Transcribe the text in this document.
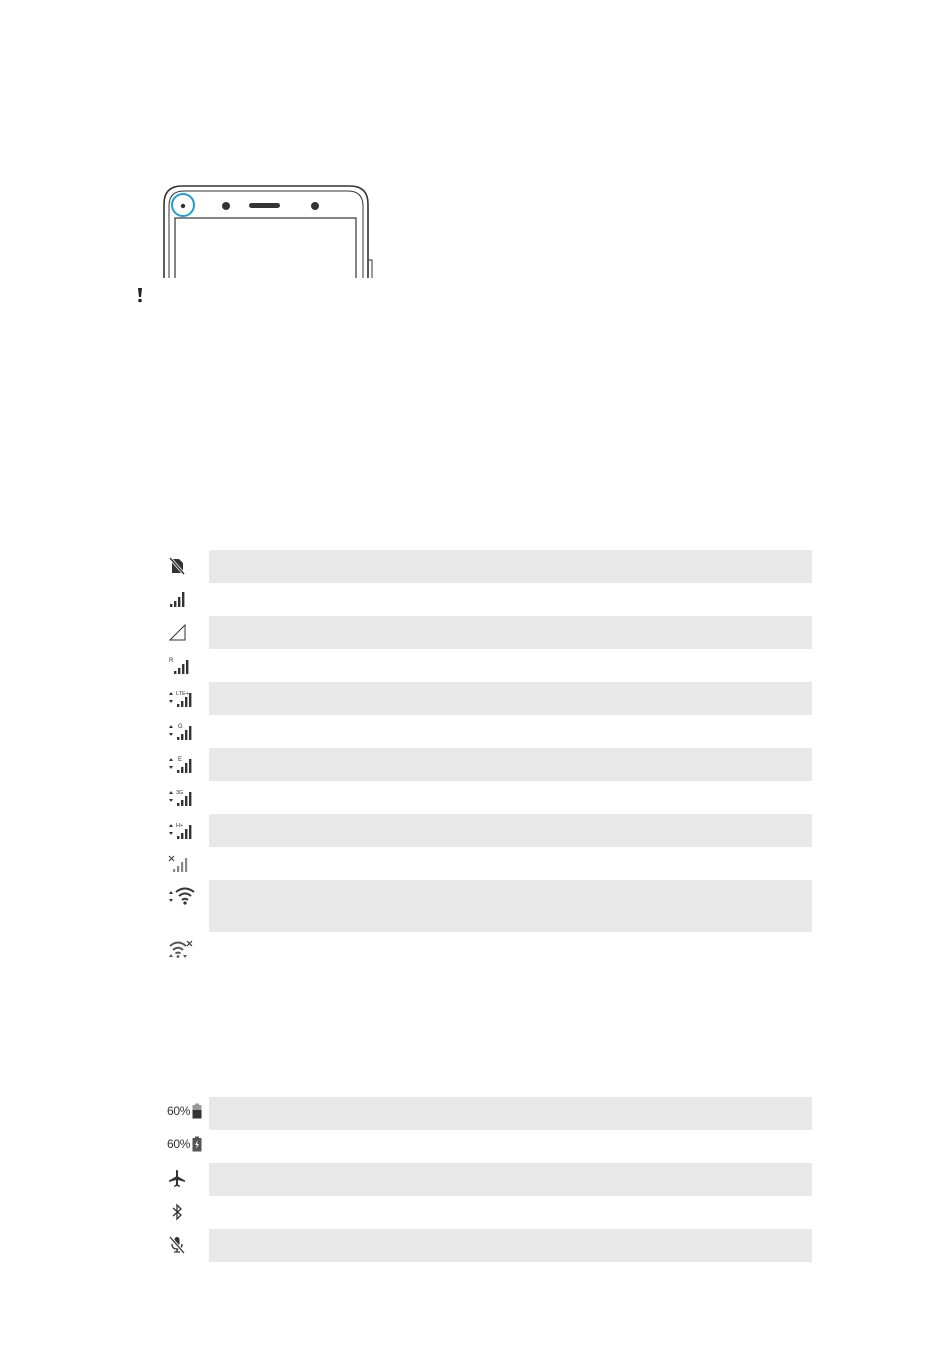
R
LTE+
G
E
3G
H+
60%
60%
